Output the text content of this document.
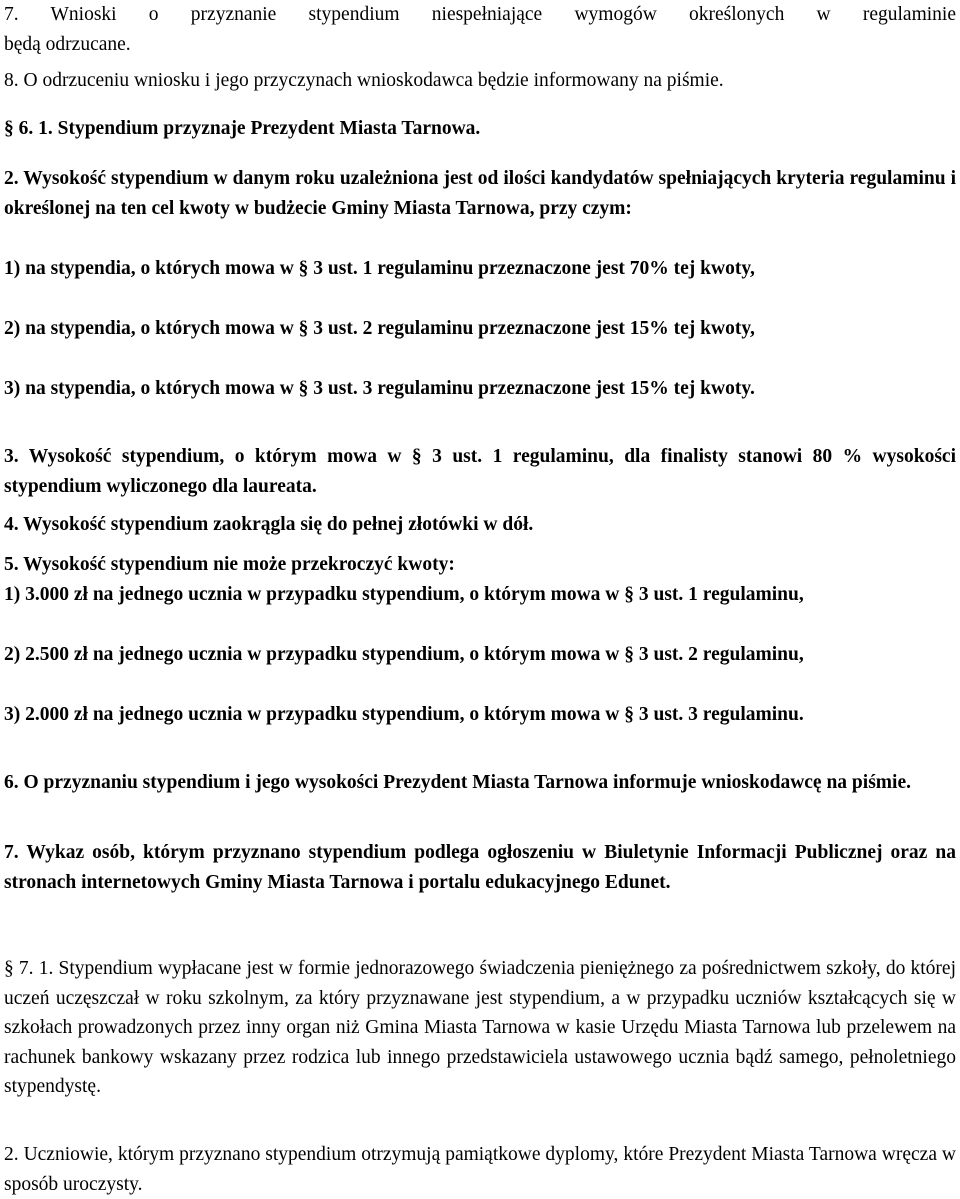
7. Wnioski o przyznanie stypendium niespełniające wymogów określonych w regulaminie

będą odrzucane.

8. O odrzuceniu wniosku i jego przyczynach wnioskodawca będzie informowany na piśmie.

§ 6. 1. Stypendium przyznaje Prezydent Miasta Tarnowa.

2. Wysokość stypendium w danym roku uzależniona jest od ilości kandydatów spełniających kryteria regulaminu i określonej na ten cel kwoty w budżecie Gminy Miasta Tarnowa, przy czym:

1) na stypendia, o których mowa w § 3 ust. 1 regulaminu przeznaczone jest 70% tej kwoty,

2) na stypendia, o których mowa w § 3 ust. 2 regulaminu przeznaczone jest 15% tej kwoty,

3) na stypendia, o których mowa w § 3 ust. 3 regulaminu przeznaczone jest 15% tej kwoty.

3. Wysokość stypendium, o którym mowa w § 3 ust. 1 regulaminu, dla finalisty stanowi 80 % wysokości stypendium wyliczonego dla laureata.

4. Wysokość stypendium zaokrągla się do pełnej złotówki w dół.

5. Wysokość stypendium nie może przekroczyć kwoty:

1) 3.000 zł na jednego ucznia w przypadku stypendium, o którym mowa w § 3 ust. 1 regulaminu,

2) 2.500 zł na jednego ucznia w przypadku stypendium, o którym mowa w § 3 ust. 2 regulaminu,

3) 2.000 zł na jednego ucznia w przypadku stypendium, o którym mowa w § 3 ust. 3 regulaminu.

6. O przyznaniu stypendium i jego wysokości Prezydent Miasta Tarnowa informuje wnioskodawcę na piśmie.

7. Wykaz osób, którym przyznano stypendium podlega ogłoszeniu w Biuletynie Informacji Publicznej oraz na stronach internetowych Gminy Miasta Tarnowa i portalu edukacyjnego Edunet.

§ 7. 1. Stypendium wypłacane jest w formie jednorazowego świadczenia pieniężnego za pośrednictwem szkoły, do której uczeń uczęszczał w roku szkolnym, za który przyznawane jest stypendium, a w przypadku uczniów kształcących się w szkołach prowadzonych przez inny organ niż Gmina Miasta Tarnowa w kasie Urzędu Miasta Tarnowa lub przelewem na rachunek bankowy wskazany przez rodzica lub innego przedstawiciela ustawowego ucznia bądź samego, pełnoletniego stypendystę.

2. Uczniowie, którym przyznano stypendium otrzymują pamiątkowe dyplomy, które Prezydent Miasta Tarnowa wręcza w sposób uroczysty.
